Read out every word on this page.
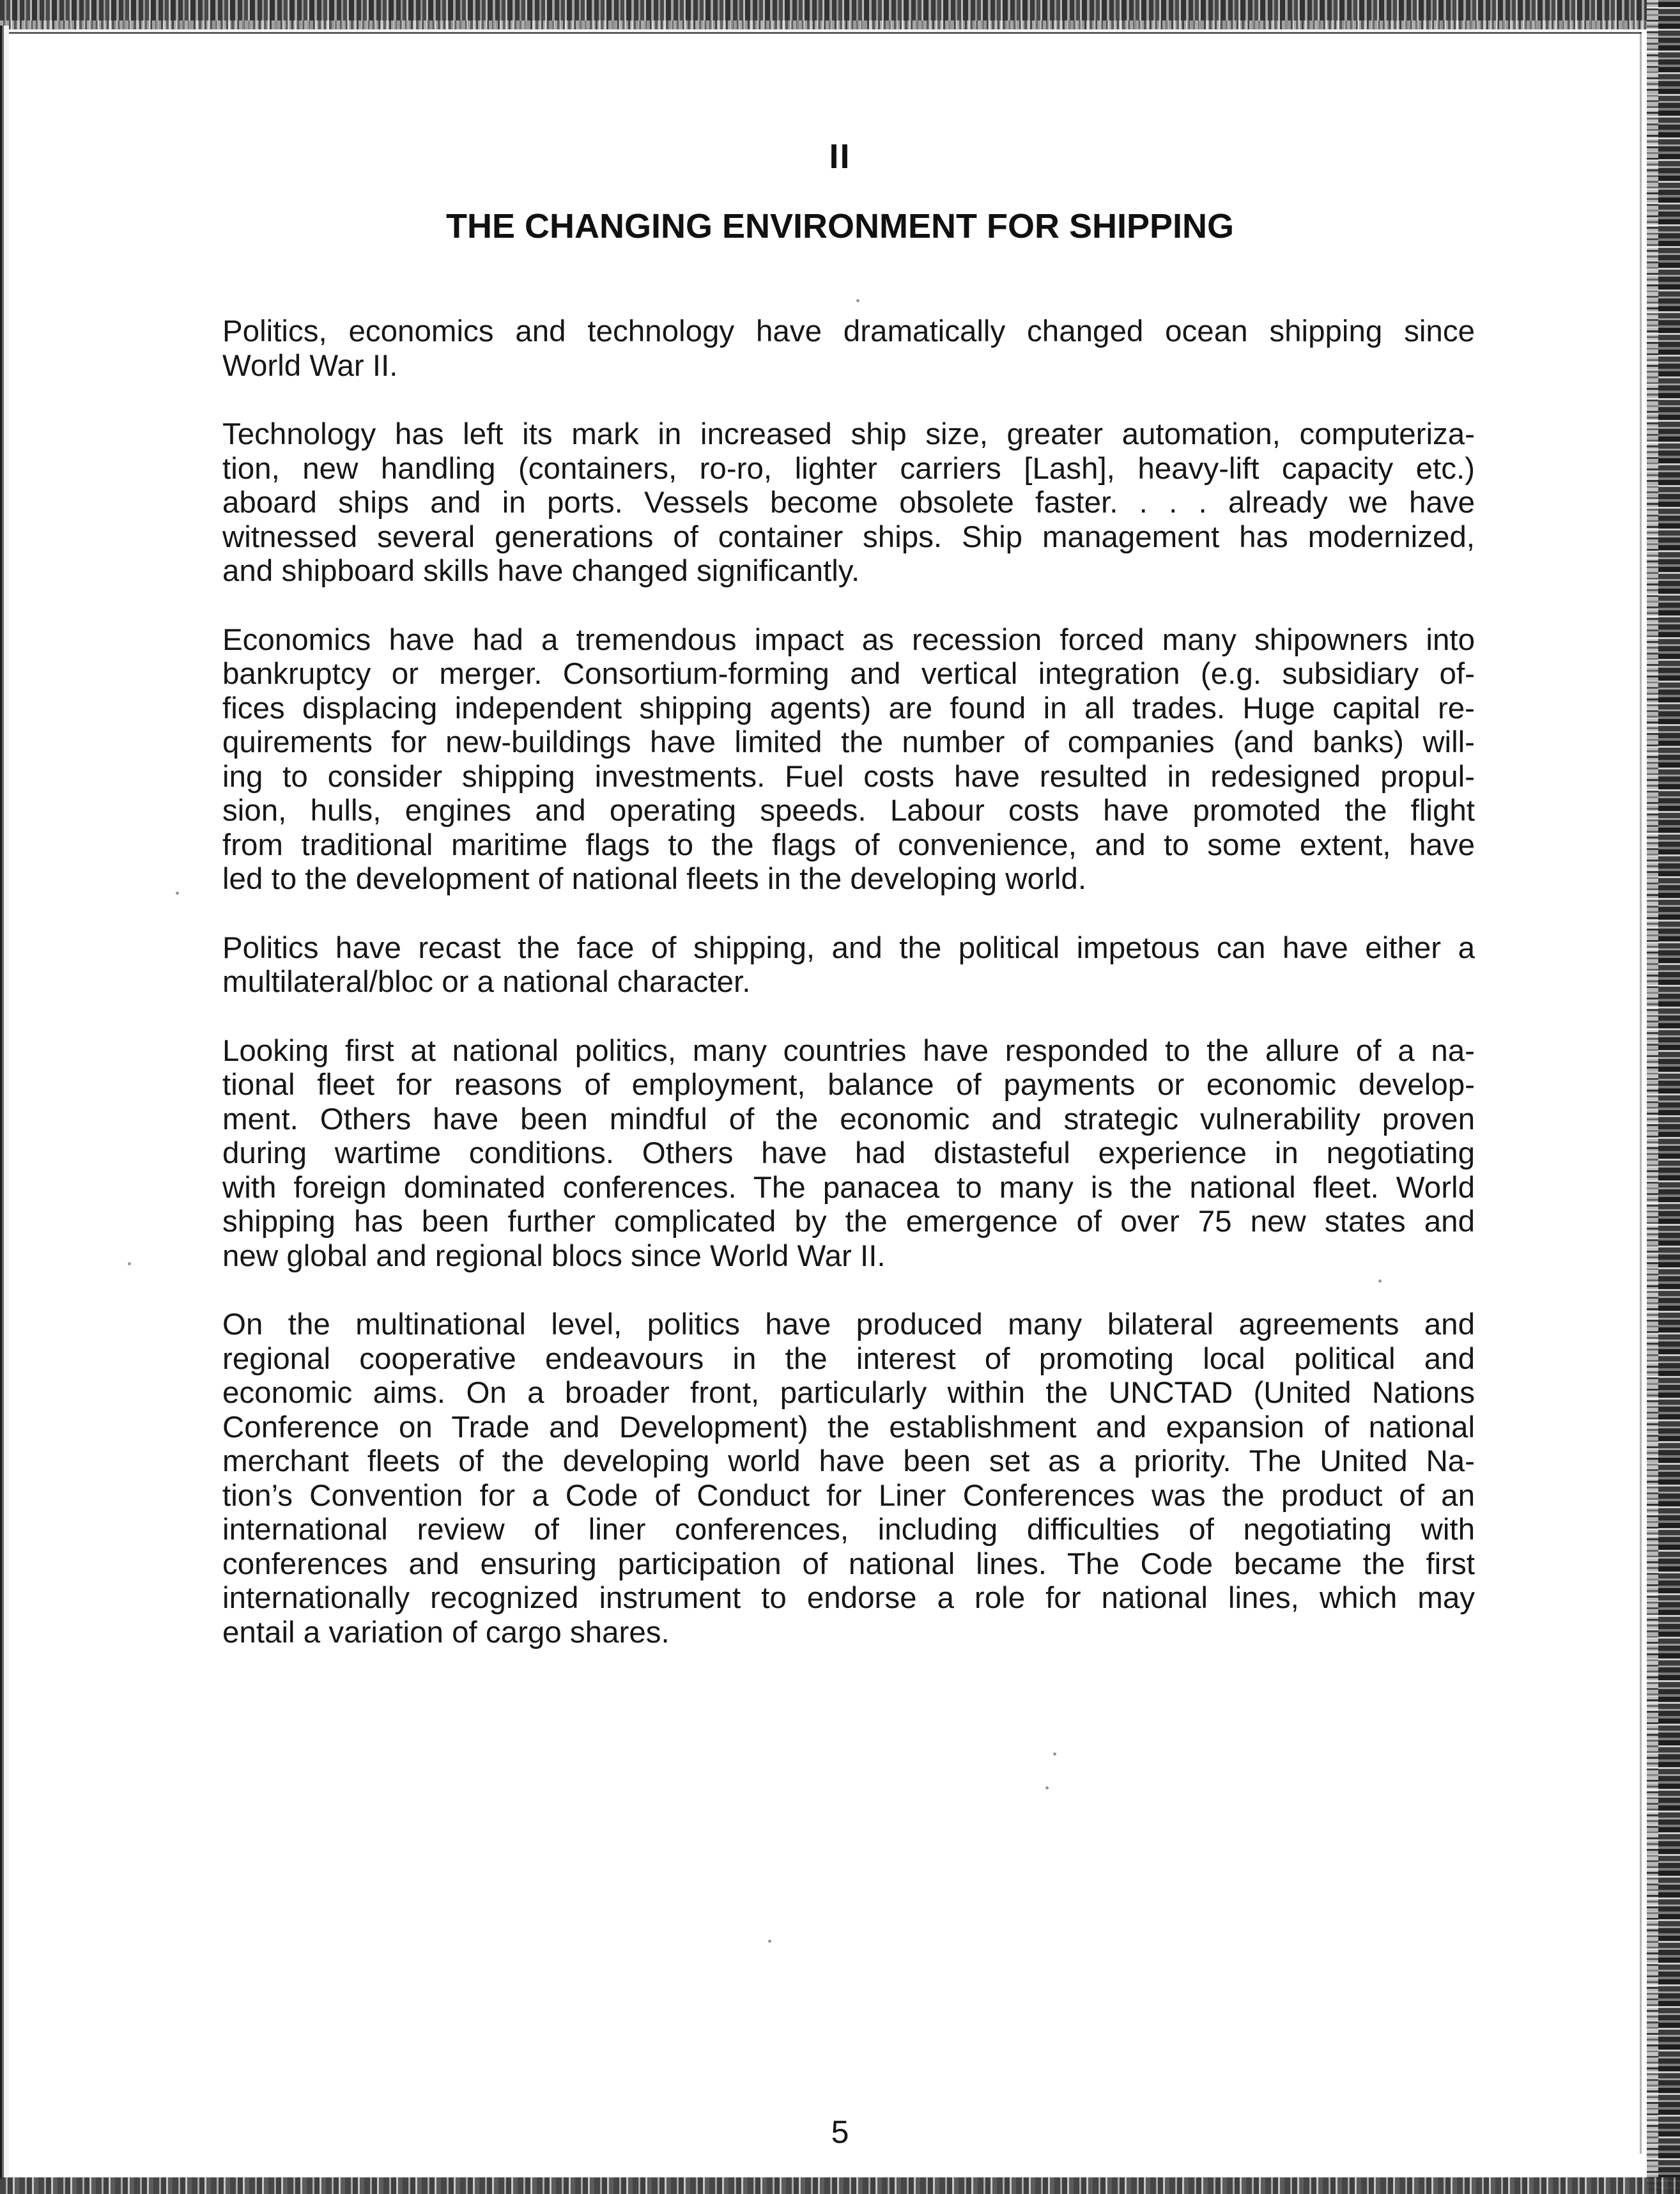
II
THE CHANGING ENVIRONMENT FOR SHIPPING
Politics, economics and technology have dramatically changed ocean shipping since
World War II.
Technology has left its mark in increased ship size, greater automation, computeriza-
tion, new handling (containers, ro-ro, lighter carriers [Lash], heavy-lift capacity etc.)
aboard ships and in ports. Vessels become obsolete faster. . . . already we have
witnessed several generations of container ships. Ship management has modernized,
and shipboard skills have changed significantly.
Economics have had a tremendous impact as recession forced many shipowners into
bankruptcy or merger. Consortium-forming and vertical integration (e.g. subsidiary of-
fices displacing independent shipping agents) are found in all trades. Huge capital re-
quirements for new-buildings have limited the number of companies (and banks) will-
ing to consider shipping investments. Fuel costs have resulted in redesigned propul-
sion, hulls, engines and operating speeds. Labour costs have promoted the flight
from traditional maritime flags to the flags of convenience, and to some extent, have
led to the development of national fleets in the developing world.
Politics have recast the face of shipping, and the political impetous can have either a
multilateral/bloc or a national character.
Looking first at national politics, many countries have responded to the allure of a na-
tional fleet for reasons of employment, balance of payments or economic develop-
ment. Others have been mindful of the economic and strategic vulnerability proven
during wartime conditions. Others have had distasteful experience in negotiating
with foreign dominated conferences. The panacea to many is the national fleet. World
shipping has been further complicated by the emergence of over 75 new states and
new global and regional blocs since World War II.
On the multinational level, politics have produced many bilateral agreements and
regional cooperative endeavours in the interest of promoting local political and
economic aims. On a broader front, particularly within the UNCTAD (United Nations
Conference on Trade and Development) the establishment and expansion of national
merchant fleets of the developing world have been set as a priority. The United Na-
tion’s Convention for a Code of Conduct for Liner Conferences was the product of an
international review of liner conferences, including difficulties of negotiating with
conferences and ensuring participation of national lines. The Code became the first
internationally recognized instrument to endorse a role for national lines, which may
entail a variation of cargo shares.
5
